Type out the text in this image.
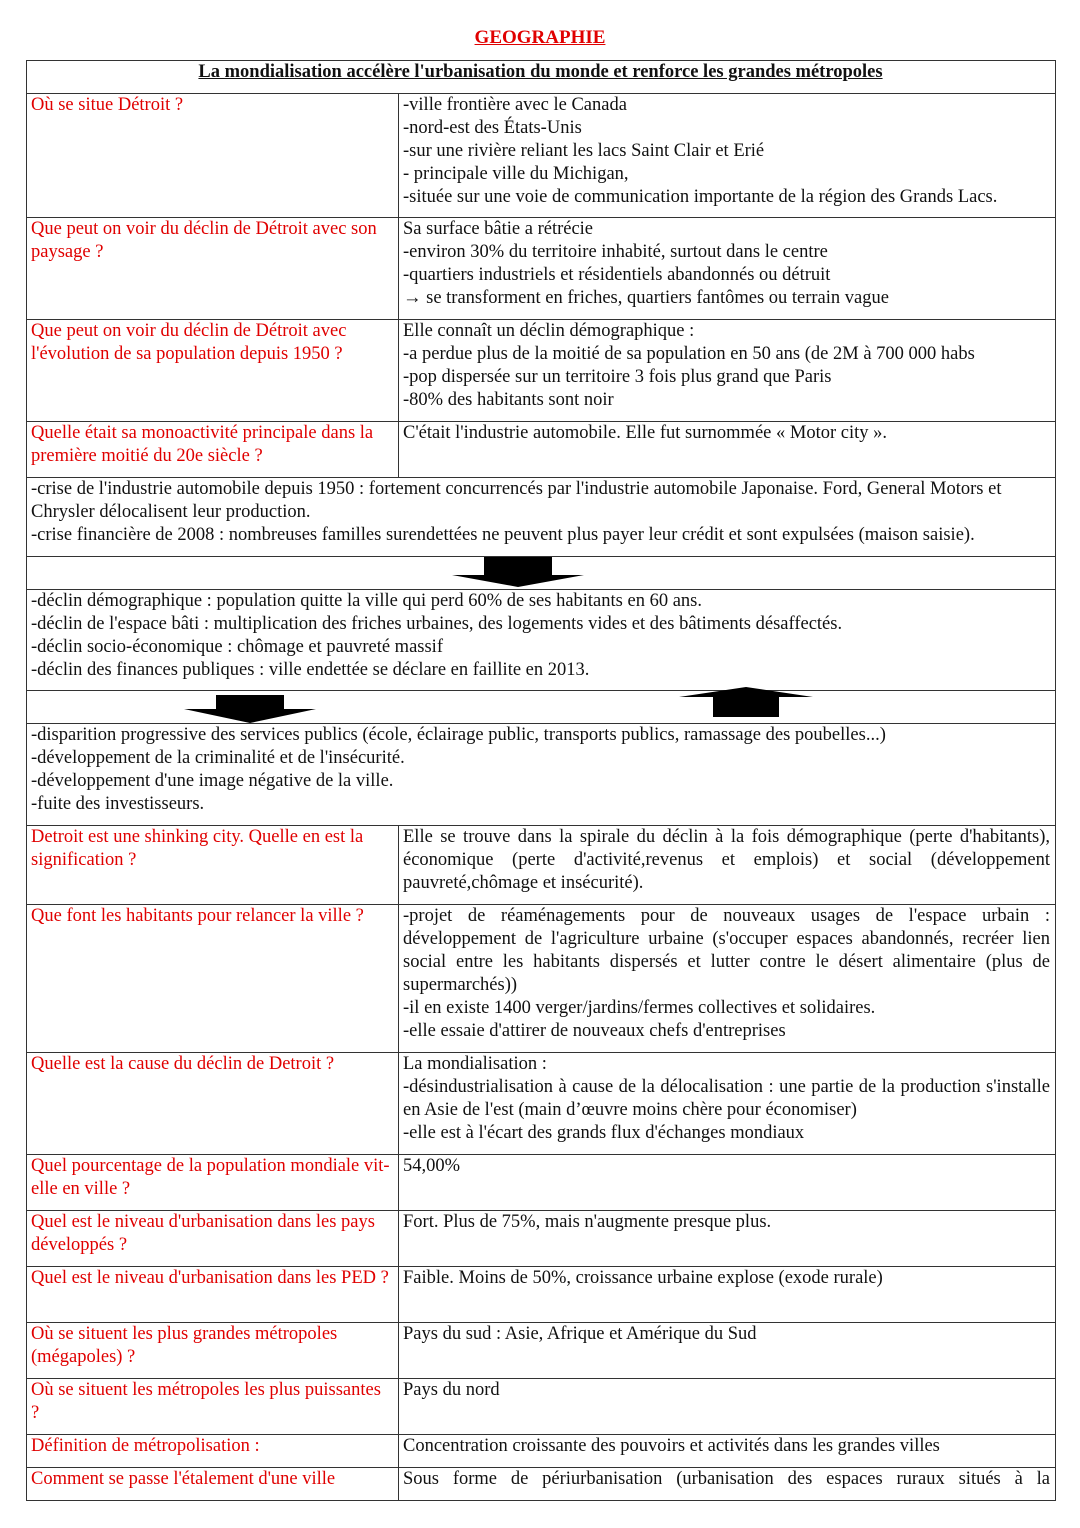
GEOGRAPHIE
La mondialisation accélère l'urbanisation du monde et renforce les grandes métropoles	
Où se situe Détroit ?	-ville frontière avec le Canada
-nord-est des États-Unis
-sur une rivière reliant les lacs Saint Clair et Erié
- principale ville du Michigan,
-située sur une voie de communication importante de la région des Grands Lacs.

Que peut on voir du déclin de Détroit avec son paysage ?	Sa surface bâtie a rétrécie
-environ 30% du territoire inhabité, surtout dans le centre
-quartiers industriels et résidentiels abandonnés ou détruit
→ se transforment en friches, quartiers fantômes ou terrain vague

Que peut on voir du déclin de Détroit avec l'évolution de sa population depuis 1950 ?	Elle connaît un déclin démographique :
-a perdue plus de la moitié de sa population en 50 ans (de 2M à 700 000 habs
-pop dispersée sur un territoire 3 fois plus grand que Paris
-80% des habitants sont noir

Quelle était sa monoactivité principale dans la première moitié du 20e siècle ?	C'était l'industrie automobile. Elle fut surnommée « Motor city ».

-crise de l'industrie automobile depuis 1950 : fortement concurrencés par l'industrie automobile Japonaise. Ford, General Motors et Chrysler délocalisent leur production.
-crise financière de 2008 : nombreuses familles surendettées ne peuvent plus payer leur crédit et sont expulsées (maison saisie).	

-déclin démographique : population quitte la ville qui perd 60% de ses habitants en 60 ans.
-déclin de l'espace bâti : multiplication des friches urbaines, des logements vides et des bâtiments désaffectés.
-déclin socio-économique : chômage et pauvreté massif
-déclin des finances publiques : ville endettée se déclare en faillite en 2013.	

-disparition progressive des services publics (école, éclairage public, transports publics, ramassage des poubelles...)
-développement de la criminalité et de l'insécurité.
-développement d'une image négative de la ville.
-fuite des investisseurs.	

Detroit est une shinking city. Quelle en est la signification ?	Elle se trouve dans la spirale du déclin à la fois démographique (perte d'habitants), économique (perte d'activité,revenus et emplois) et social (développement pauvreté,chômage et insécurité).
Que font les habitants pour relancer la ville ?	-projet de réaménagements pour de nouveaux usages de l'espace urbain : développement de l'agriculture urbaine (s'occuper espaces abandonnés, recréer lien social entre les habitants dispersés et lutter contre le désert alimentaire (plus de supermarchés))
-il en existe 1400 verger/jardins/fermes collectives et solidaires.
-elle essaie d'attirer de nouveaux chefs d'entreprises

Quelle est la cause du déclin de Detroit ?	La mondialisation :
-désindustrialisation à cause de la délocalisation : une partie de la production s'installe en Asie de l'est (main d’œuvre moins chère pour économiser)
-elle est à l'écart des grands flux d'échanges mondiaux

Quel pourcentage de la population mondiale vit-elle en ville ?	54,00%
Quel est le niveau d'urbanisation dans les pays développés ?	Fort. Plus de 75%, mais n'augmente presque plus.
Quel est le niveau d'urbanisation dans les PED ?	Faible. Moins de 50%, croissance urbaine explose (exode rurale)
Où se situent les plus grandes métropoles (mégapoles) ?	Pays du sud : Asie, Afrique et Amérique du Sud
Où se situent les métropoles les plus puissantes ?	Pays du nord
Définition de métropolisation :	Concentration croissante des pouvoirs et activités dans les grandes villes
Comment se passe l'étalement d'une ville	Sous forme de périurbanisation (urbanisation des espaces ruraux situés à la
